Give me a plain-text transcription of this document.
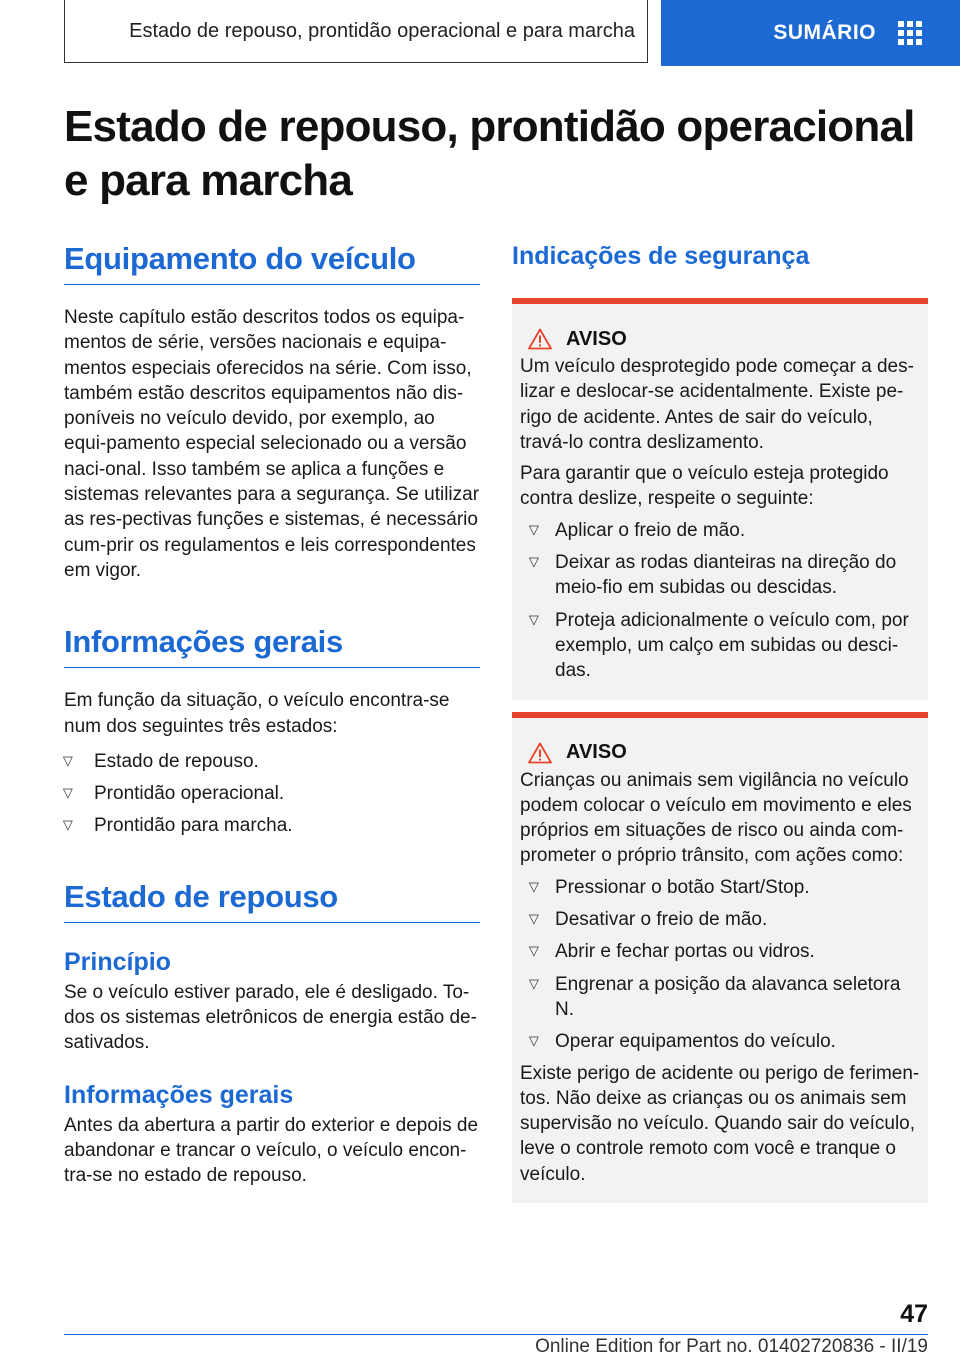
Estado de repouso, prontidão operacional e para marcha	SUMÁRIO
Estado de repouso, prontidão operacional e para marcha
Equipamento do veículo

Neste capítulo estão descritos todos os equipa-mentos de série, versões nacionais e equipa-mentos especiais oferecidos na série. Com isso, também estão descritos equipamentos não dis-poníveis no veículo devido, por exemplo, ao equi-pamento especial selecionado ou a versão naci-onal. Isso também se aplica a funções e sistemas relevantes para a segurança. Se utilizar as res-pectivas funções e sistemas, é necessário cum-prir os regulamentos e leis correspondentes em vigor.

Informações gerais

Em função da situação, o veículo encontra-se num dos seguintes três estados:

▷ Estado de repouso.
▷ Prontidão operacional.
▷ Prontidão para marcha.
Estado de repouso
Princípio

Se o veículo estiver parado, ele é desligado. To-dos os sistemas eletrônicos de energia estão de-sativados.

Informações gerais

Antes da abertura a partir do exterior e depois de abandonar e trancar o veículo, o veículo encon-tra-se no estado de repouso.

Indicações de segurança
AVISO

Um veículo desprotegido pode começar a des-lizar e deslocar-se acidentalmente. Existe pe-rigo de acidente. Antes de sair do veículo, travá-lo contra deslizamento.

Para garantir que o veículo esteja protegido contra deslize, respeite o seguinte:

▷ Aplicar o freio de mão.
▷ Deixar as rodas dianteiras na direção do meio-fio em subidas ou descidas.
▷ Proteja adicionalmente o veículo com, por exemplo, um calço em subidas ou desci-das.
AVISO

Crianças ou animais sem vigilância no veículo podem colocar o veículo em movimento e eles próprios em situações de risco ou ainda com-prometer o próprio trânsito, com ações como:

▷ Pressionar o botão Start/Stop.
▷ Desativar o freio de mão.
▷ Abrir e fechar portas ou vidros.
▷ Engrenar a posição da alavanca seletora N.
▷ Operar equipamentos do veículo.

Existe perigo de acidente ou perigo de ferimen-tos. Não deixe as crianças ou os animais sem supervisão no veículo. Quando sair do veículo, leve o controle remoto com você e tranque o veículo.

47
Online Edition for Part no. 01402720836 - II/19
